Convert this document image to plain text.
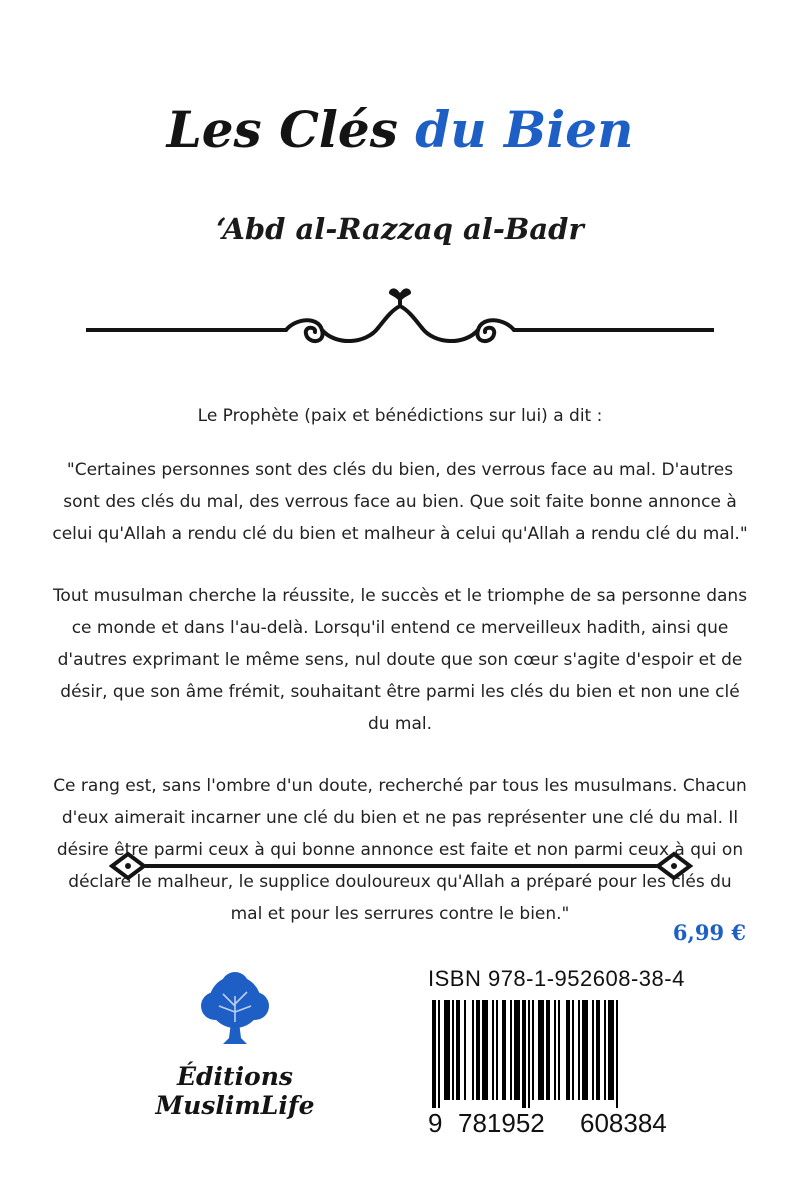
Les Clés du Bien
‘Abd al-Razzaq al-Badr

Le Prophète (paix et bénédictions sur lui) a dit :

"Certaines personnes sont des clés du bien, des verrous face au mal. D'autres sont des clés du mal, des verrous face au bien. Que soit faite bonne annonce à celui qu'Allah a rendu clé du bien et malheur à celui qu'Allah a rendu clé du mal."

Tout musulman cherche la réussite, le succès et le triomphe de sa personne dans ce monde et dans l'au-delà. Lorsqu'il entend ce merveilleux hadith, ainsi que d'autres exprimant le même sens, nul doute que son cœur s'agite d'espoir et de désir, que son âme frémit, souhaitant être parmi les clés du bien et non une clé du mal.

Ce rang est, sans l'ombre d'un doute, recherché par tous les musulmans. Chacun d'eux aimerait incarner une clé du bien et ne pas représenter une clé du mal. Il désire être parmi ceux à qui bonne annonce est faite et non parmi ceux à qui on déclare le malheur, le supplice douloureux qu'Allah a préparé pour les clés du mal et pour les serrures contre le bien."

6,99 €
Éditions MuslimLife
ISBN 978-1-952608-38-4
9 781952 608384
